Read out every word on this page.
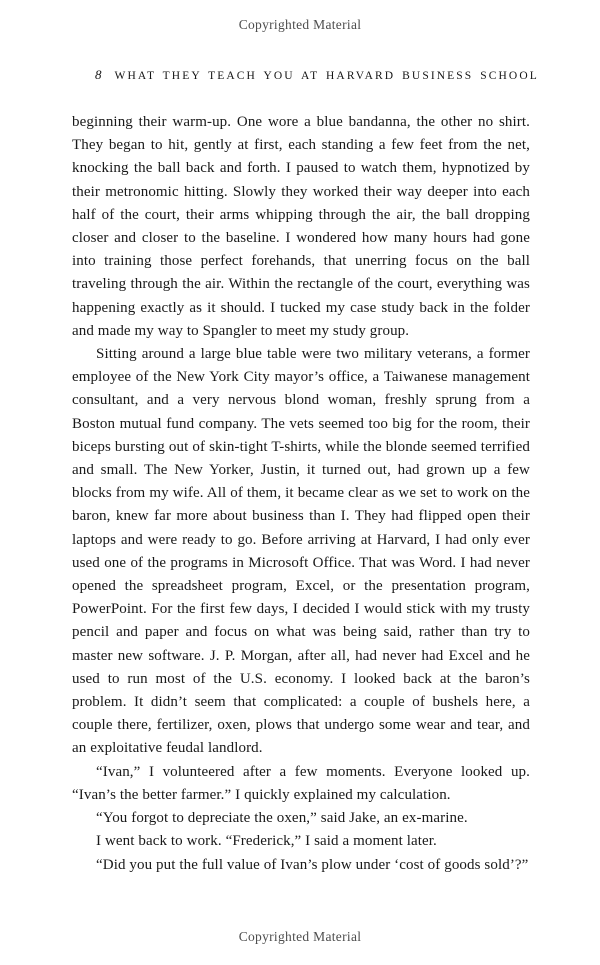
Copyrighted Material
8 WHAT THEY TEACH YOU AT HARVARD BUSINESS SCHOOL

beginning their warm-up. One wore a blue bandanna, the other no shirt. They began to hit, gently at first, each standing a few feet from the net, knocking the ball back and forth. I paused to watch them, hypnotized by their metronomic hitting. Slowly they worked their way deeper into each half of the court, their arms whipping through the air, the ball dropping closer and closer to the baseline. I wondered how many hours had gone into training those perfect forehands, that unerring focus on the ball traveling through the air. Within the rectangle of the court, everything was happening exactly as it should. I tucked my case study back in the folder and made my way to Spangler to meet my study group.

Sitting around a large blue table were two military veterans, a former employee of the New York City mayor’s office, a Taiwanese management consultant, and a very nervous blond woman, freshly sprung from a Boston mutual fund company. The vets seemed too big for the room, their biceps bursting out of skin-tight T-shirts, while the blonde seemed terrified and small. The New Yorker, Justin, it turned out, had grown up a few blocks from my wife. All of them, it became clear as we set to work on the baron, knew far more about business than I. They had flipped open their laptops and were ready to go. Before arriving at Harvard, I had only ever used one of the programs in Microsoft Office. That was Word. I had never opened the spreadsheet program, Excel, or the presentation program, PowerPoint. For the first few days, I decided I would stick with my trusty pencil and paper and focus on what was being said, rather than try to master new software. J. P. Morgan, after all, had never had Excel and he used to run most of the U.S. economy. I looked back at the baron’s problem. It didn’t seem that complicated: a couple of bushels here, a couple there, fertilizer, oxen, plows that undergo some wear and tear, and an exploitative feudal landlord.

“Ivan,” I volunteered after a few moments. Everyone looked up. “Ivan’s the better farmer.” I quickly explained my calculation.

“You forgot to depreciate the oxen,” said Jake, an ex-marine.

I went back to work. “Frederick,” I said a moment later.

“Did you put the full value of Ivan’s plow under ‘cost of goods sold’?”

Copyrighted Material
